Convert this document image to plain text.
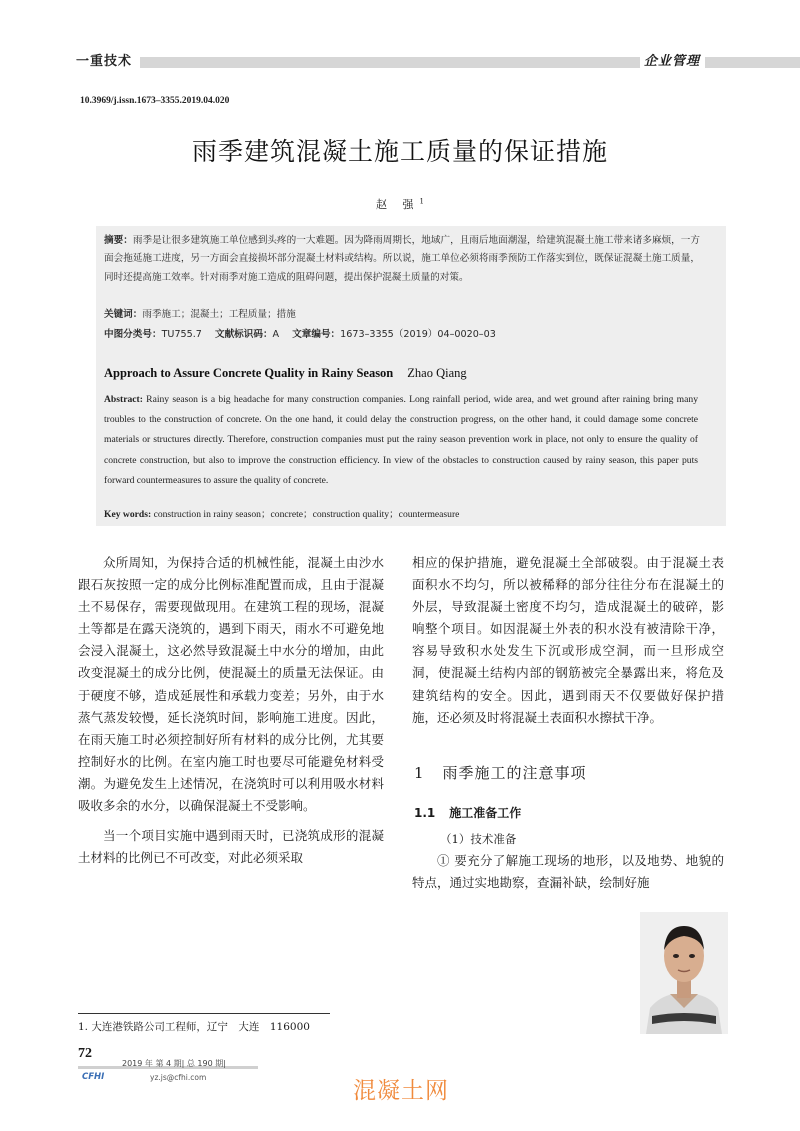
一重技术	企业管理
10.3969/j.issn.1673–3355.2019.04.020
雨季建筑混凝土施工质量的保证措施
赵 强$^1$
摘要：雨季是让很多建筑施工单位感到头疼的一大难题。因为降雨周期长，地域广，且雨后地面潮湿，给建筑混凝土施工带来诸多麻烦，一方面会拖延施工进度，另一方面会直接损坏部分混凝土材料或结构。所以说，施工单位必须将雨季预防工作落实到位，既保证混凝土施工质量，同时还提高施工效率。针对雨季对施工造成的阻碍问题，提出保护混凝土质量的对策。
关键词：雨季施工；混凝土；工程质量；措施
中图分类号：TU755.7 文献标识码：A 文章编号：1673–3355（2019）04–0020–03
Approach to Assure Concrete Quality in Rainy Season Zhao Qiang
Abstract: Rainy season is a big headache for many construction companies. Long rainfall period, wide area, and wet ground after raining bring many troubles to the construction of concrete. On the one hand, it could delay the construction progress, on the other hand, it could damage some concrete materials or structures directly. Therefore, construction companies must put the rainy season prevention work in place, not only to ensure the quality of concrete construction, but also to improve the construction efficiency. In view of the obstacles to construction caused by rainy season, this paper puts forward countermeasures to assure the quality of concrete.
Key words: construction in rainy season；concrete；construction quality；countermeasure

众所周知，为保持合适的机械性能，混凝土由沙水跟石灰按照一定的成分比例标准配置而成，且由于混凝土不易保存，需要现做现用。在建筑工程的现场，混凝土等都是在露天浇筑的，遇到下雨天，雨水不可避免地会浸入混凝土，这必然导致混凝土中水分的增加，由此改变混凝土的成分比例，使混凝土的质量无法保证。由于硬度不够，造成延展性和承载力变差；另外，由于水蒸气蒸发较慢，延长浇筑时间，影响施工进度。因此，在雨天施工时必须控制好所有材料的成分比例，尤其要控制好水的比例。在室内施工时也要尽可能避免材料受潮。为避免发生上述情况，在浇筑时可以利用吸水材料吸收多余的水分，以确保混凝土不受影响。

当一个项目实施中遇到雨天时，已浇筑成形的混凝土材料的比例已不可改变，对此必须采取

相应的保护措施，避免混凝土全部破裂。由于混凝土表面积水不均匀，所以被稀释的部分往往分布在混凝土的外层，导致混凝土密度不均匀，造成混凝土的破碎，影响整个项目。如因混凝土外表的积水没有被清除干净，容易导致积水处发生下沉或形成空洞，而一旦形成空洞，使混凝土结构内部的钢筋被完全暴露出来，将危及建筑结构的安全。因此，遇到雨天不仅要做好保护措施，还必须及时将混凝土表面积水擦拭干净。

1 雨季施工的注意事项
1.1 施工准备工作
（1）技术准备

① 要充分了解施工现场的地形，以及地势、地貌的特点，通过实地勘察，查漏补缺，绘制好施

1. 大连港铁路公司工程师，辽宁　大连　116000
72
2019 年 第 4 期| 总 190 期|
CFHI	yz.js@cfhi.com
混凝土网
